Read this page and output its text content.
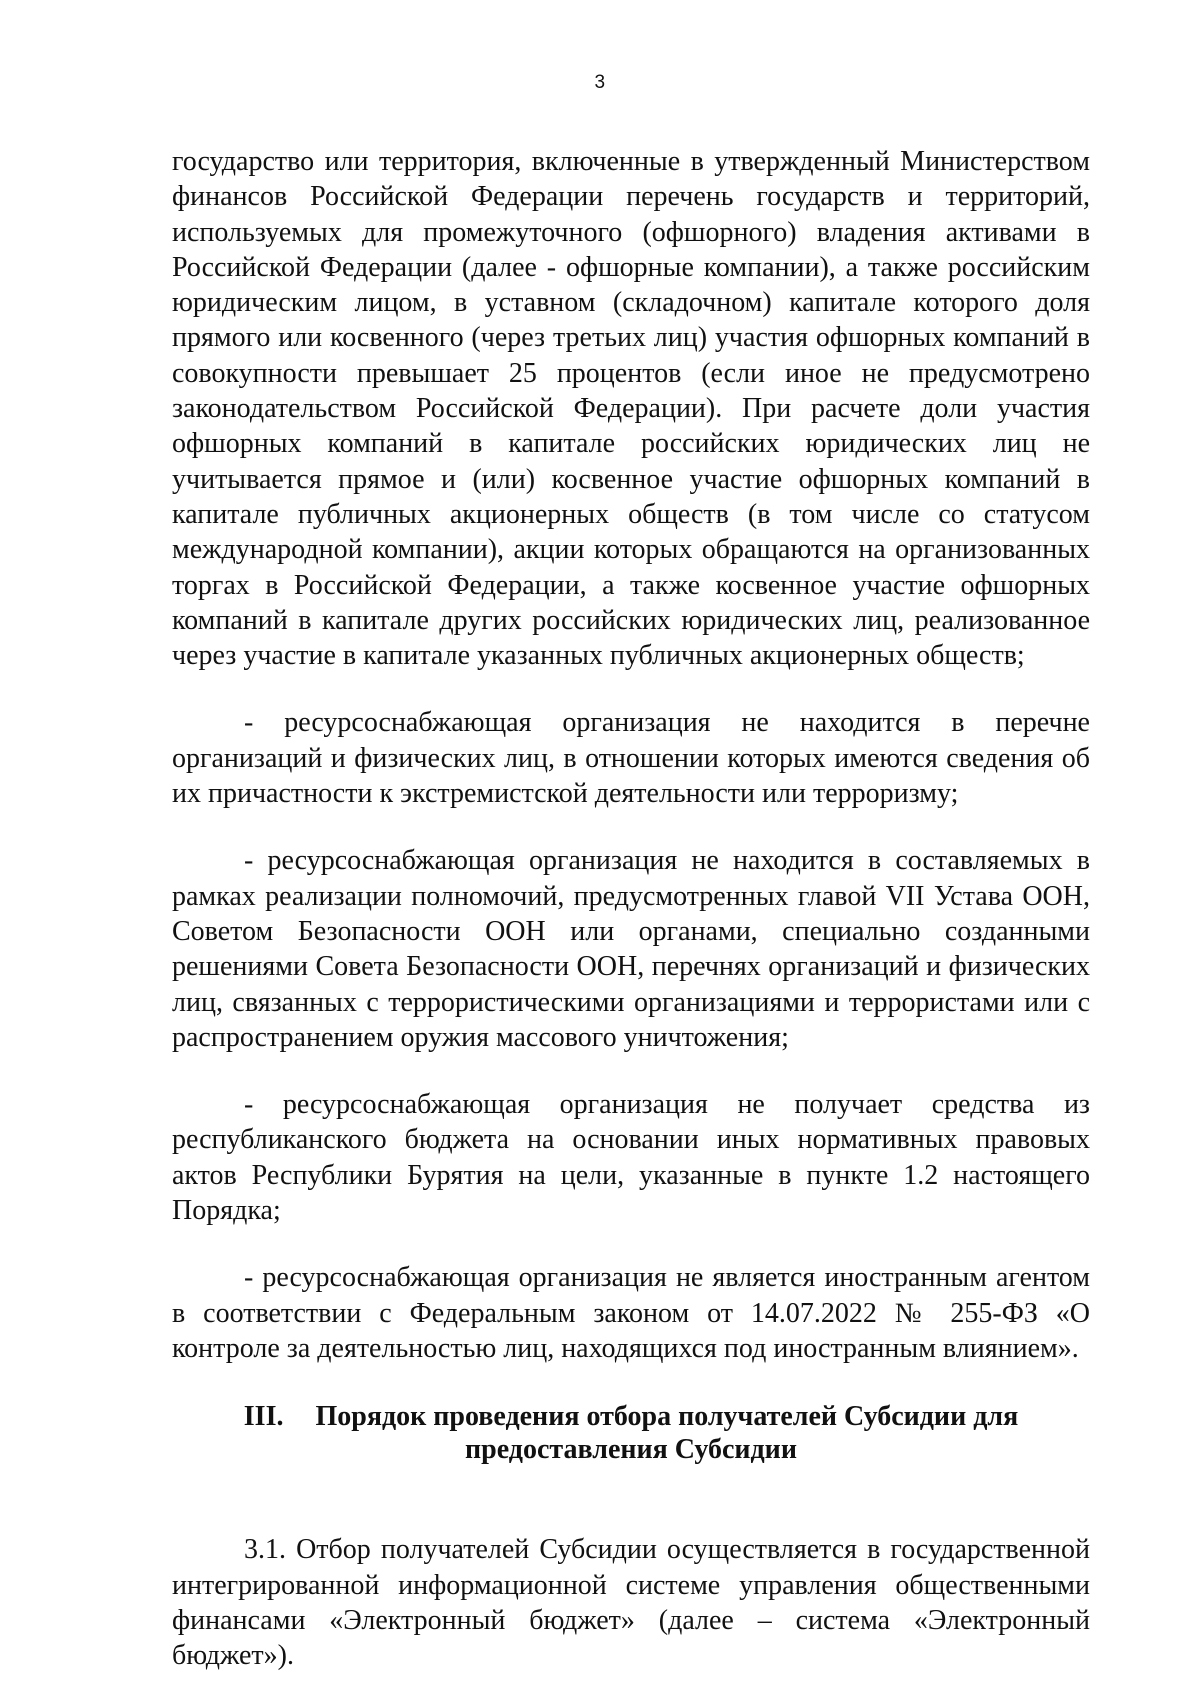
3

государство или территория, включенные в утвержденный Министерством финансов Российской Федерации перечень государств и территорий, используемых для промежуточного (офшорного) владения активами в Российской Федерации (далее - офшорные компании), а также российским юридическим лицом, в уставном (складочном) капитале которого доля прямого или косвенного (через третьих лиц) участия офшорных компаний в совокупности превышает 25 процентов (если иное не предусмотрено законодательством Российской Федерации). При расчете доли участия офшорных компаний в капитале российских юридических лиц не учитывается прямое и (или) косвенное участие офшорных компаний в капитале публичных акционерных обществ (в том числе со статусом международной компании), акции которых обращаются на организованных торгах в Российской Федерации, а также косвенное участие офшорных компаний в капитале других российских юридических лиц, реализованное через участие в капитале указанных публичных акционерных обществ;

- ресурсоснабжающая организация не находится в перечне организаций и физических лиц, в отношении которых имеются сведения об их причастности к экстремистской деятельности или терроризму;

- ресурсоснабжающая организация не находится в составляемых в рамках реализации полномочий, предусмотренных главой VII Устава ООН, Советом Безопасности ООН или органами, специально созданными решениями Совета Безопасности ООН, перечнях организаций и физических лиц, связанных с террористическими организациями и террористами или с распространением оружия массового уничтожения;

- ресурсоснабжающая организация не получает средства из республиканского бюджета на основании иных нормативных правовых актов Республики Бурятия на цели, указанные в пункте 1.2 настоящего Порядка;

- ресурсоснабжающая организация не является иностранным агентом в соответствии с Федеральным законом от 14.07.2022 № 255-ФЗ «О контроле за деятельностью лиц, находящихся под иностранным влиянием».

III. Порядок проведения отбора получателей Субсидии для предоставления Субсидии

3.1. Отбор получателей Субсидии осуществляется в государственной интегрированной информационной системе управления общественными финансами «Электронный бюджет» (далее – система «Электронный бюджет»).
